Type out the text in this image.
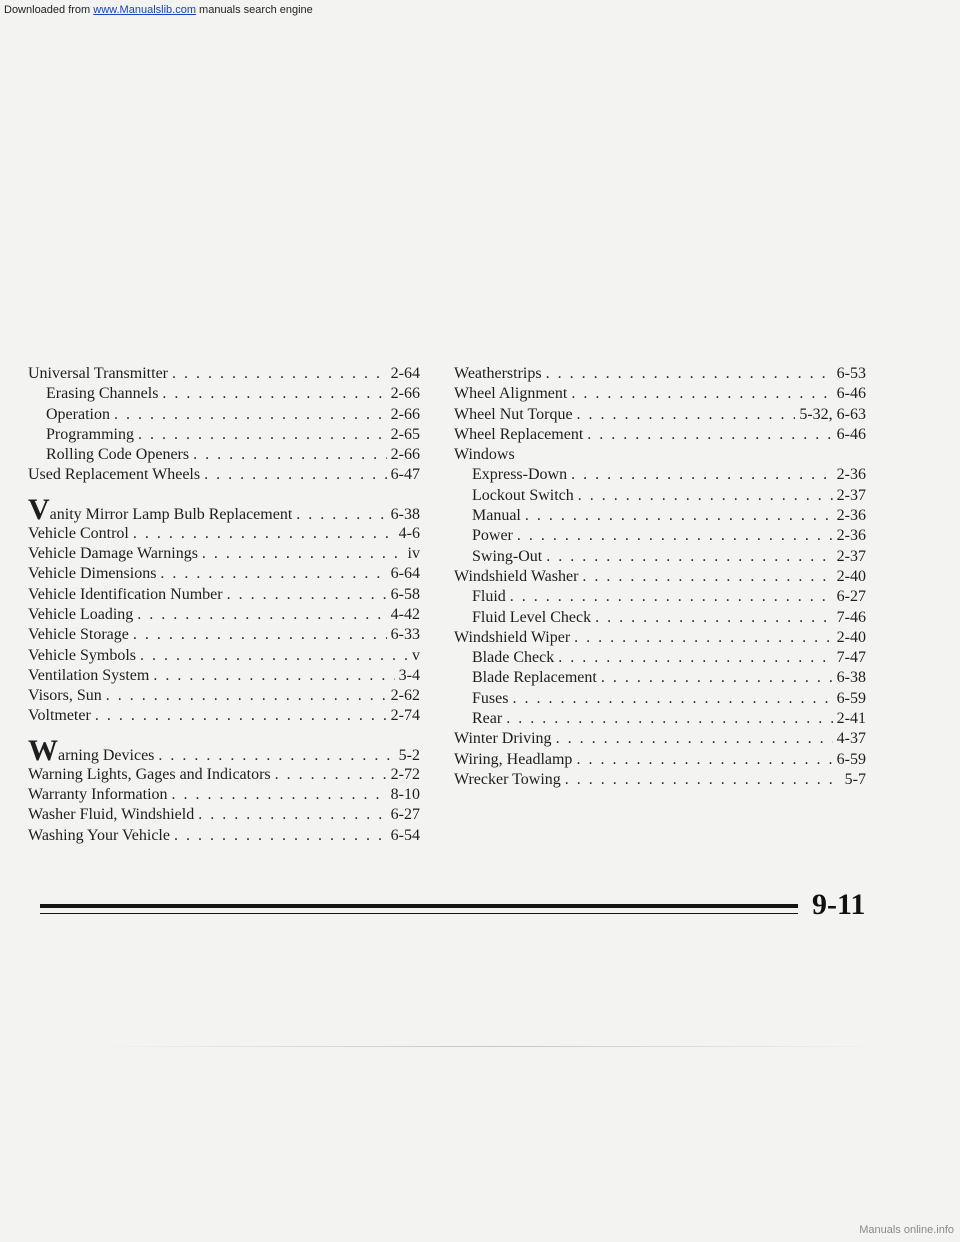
Downloaded from www.Manualslib.com manuals search engine
Universal Transmitter . . .	2-64
Erasing Channels . . .	2-66
Operation . . .	2-66
Programming . . .	2-65
Rolling Code Openers . . .	2-66
Used Replacement Wheels . . .	6-47
Vanity Mirror Lamp Bulb Replacement . . .	6-38
Vehicle Control . . .	4-6
Vehicle Damage Warnings . . .	iv
Vehicle Dimensions . . .	6-64
Vehicle Identification Number . . .	6-58
Vehicle Loading . . .	4-42
Vehicle Storage . . .	6-33
Vehicle Symbols . . .	v
Ventilation System . . .	3-4
Visors, Sun . . .	2-62
Voltmeter . . .	2-74
Warning Devices . . .	5-2
Warning Lights, Gages and Indicators . . .	2-72
Warranty Information . . .	8-10
Washer Fluid, Windshield . . .	6-27
Washing Your Vehicle . . .	6-54
Weatherstrips . . .	6-53
Wheel Alignment . . .	6-46
Wheel Nut Torque . . .	5-32, 6-63
Wheel Replacement . . .	6-46
Windows
Express-Down . . .	2-36
Lockout Switch . . .	2-37
Manual . . .	2-36
Power . . .	2-36
Swing-Out . . .	2-37
Windshield Washer . . .	2-40
Fluid . . .	6-27
Fluid Level Check . . .	7-46
Windshield Wiper . . .	2-40
Blade Check . . .	7-47
Blade Replacement . . .	6-38
Fuses . . .	6-59
Rear . . .	2-41
Winter Driving . . .	4-37
Wiring, Headlamp . . .	6-59
Wrecker Towing . . .	5-7
9-11
Manuals online.info
